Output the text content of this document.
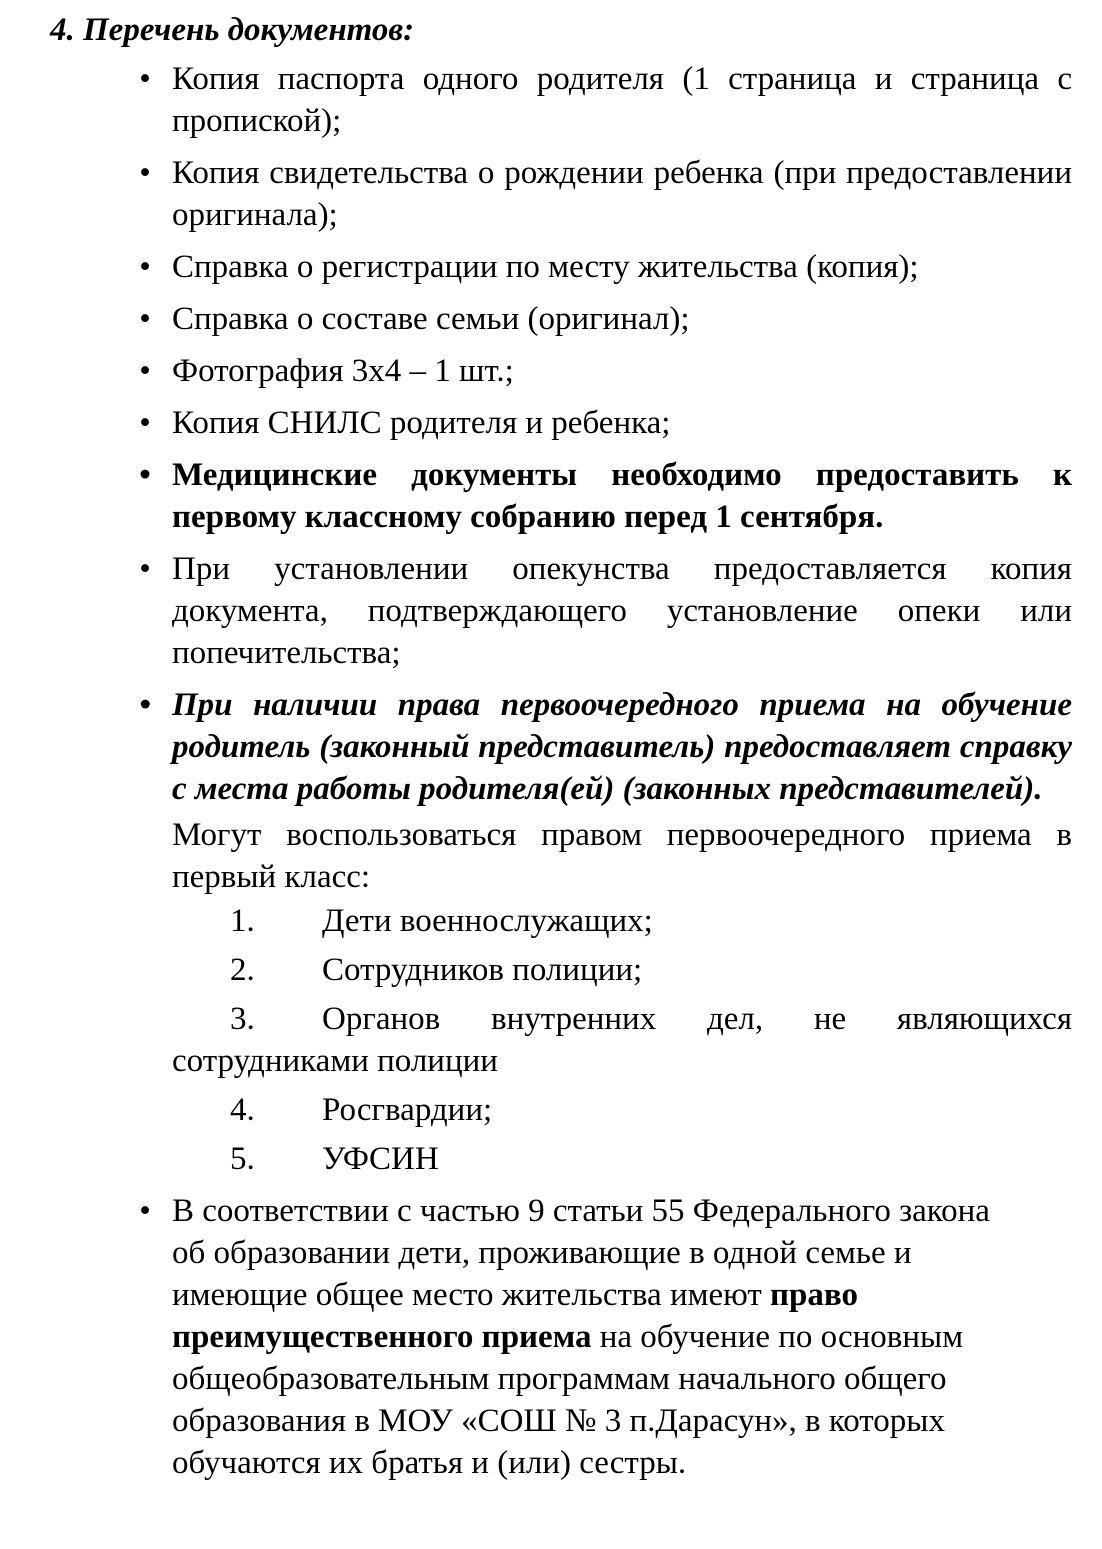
4. Перечень документов:
• Копия паспорта одного родителя (1 страница и страница с пропиской);
• Копия свидетельства о рождении ребенка (при предоставлении оригинала);
• Справка о регистрации по месту жительства (копия);
• Справка о составе семьи (оригинал);
• Фотография 3х4 – 1 шт.;
• Копия СНИЛС родителя и ребенка;
• Медицинские документы необходимо предоставить к первому классному собранию перед 1 сентября.
• При установлении опекунства предоставляется копия документа, подтверждающего установление опеки или попечительства;
• При наличии права первоочередного приема на обучение родитель (законный представитель) предоставляет справку с места работы родителя(ей) (законных представителей).
Могут воспользоваться правом первоочередного приема в первый класс:
1. Дети военнослужащих;
2. Сотрудников полиции;
3. Органов внутренних дел, не являющихся сотрудниками полиции
4. Росгвардии;
5. УФСИН
• В соответствии с частью 9 статьи 55 Федерального закона об образовании дети, проживающие в одной семье и имеющие общее место жительства имеют право преимущественного приема на обучение по основным общеобразовательным программам начального общего образования в МОУ «СОШ № 3 п.Дарасун», в которых обучаются их братья и (или) сестры.
